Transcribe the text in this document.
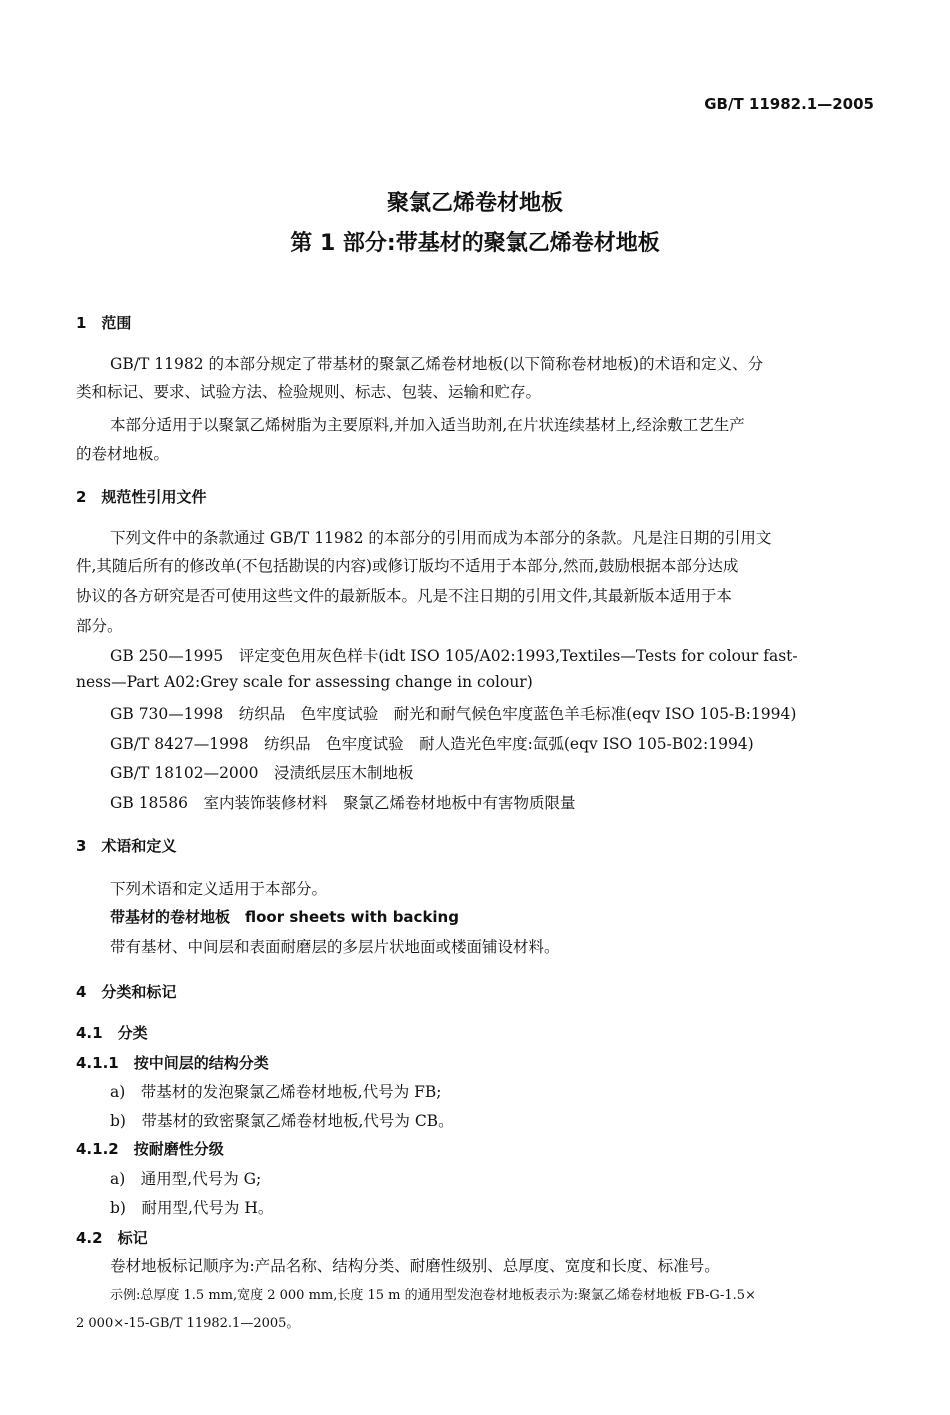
GB/T 11982.1—2005
聚氯乙烯卷材地板
第 1 部分:带基材的聚氯乙烯卷材地板
1　范围
GB/T 11982 的本部分规定了带基材的聚氯乙烯卷材地板(以下简称卷材地板)的术语和定义、分
类和标记、要求、试验方法、检验规则、标志、包装、运输和贮存。
本部分适用于以聚氯乙烯树脂为主要原料,并加入适当助剂,在片状连续基材上,经涂敷工艺生产
的卷材地板。
2　规范性引用文件
下列文件中的条款通过 GB/T 11982 的本部分的引用而成为本部分的条款。凡是注日期的引用文
件,其随后所有的修改单(不包括勘误的内容)或修订版均不适用于本部分,然而,鼓励根据本部分达成
协议的各方研究是否可使用这些文件的最新版本。凡是不注日期的引用文件,其最新版本适用于本
部分。
GB 250—1995　评定变色用灰色样卡(idt ISO 105/A02:1993,Textiles—Tests for colour fast-
ness—Part A02:Grey scale for assessing change in colour)
GB 730—1998　纺织品　色牢度试验　耐光和耐气候色牢度蓝色羊毛标准(eqv ISO 105-B:1994)
GB/T 8427—1998　纺织品　色牢度试验　耐人造光色牢度:氙弧(eqv ISO 105-B02:1994)
GB/T 18102—2000　浸渍纸层压木制地板
GB 18586　室内装饰装修材料　聚氯乙烯卷材地板中有害物质限量
3　术语和定义
下列术语和定义适用于本部分。
带基材的卷材地板　floor sheets with backing
带有基材、中间层和表面耐磨层的多层片状地面或楼面铺设材料。
4　分类和标记
4.1　分类
4.1.1　按中间层的结构分类
a)　带基材的发泡聚氯乙烯卷材地板,代号为 FB;
b)　带基材的致密聚氯乙烯卷材地板,代号为 CB。
4.1.2　按耐磨性分级
a)　通用型,代号为 G;
b)　耐用型,代号为 H。
4.2　标记
卷材地板标记顺序为:产品名称、结构分类、耐磨性级别、总厚度、宽度和长度、标准号。
示例:总厚度 1.5 mm,宽度 2 000 mm,长度 15 m 的通用型发泡卷材地板表示为:聚氯乙烯卷材地板 FB-G-1.5×
2 000×-15-GB/T 11982.1—2005。
